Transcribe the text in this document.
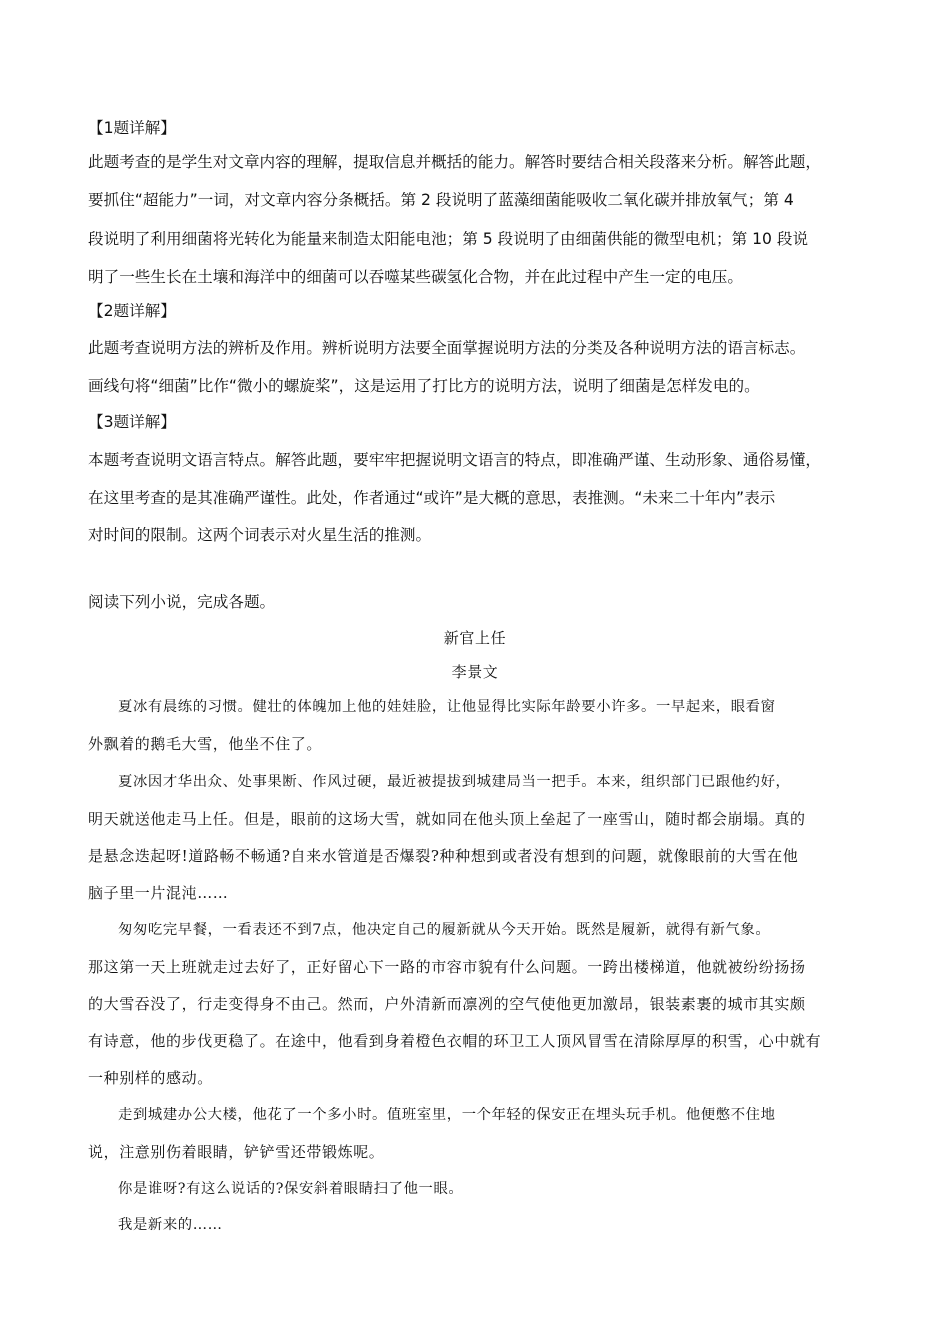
【1题详解】
此题考查的是学生对文章内容的理解，提取信息并概括的能力。解答时要结合相关段落来分析。解答此题，
要抓住“超能力”一词，对文章内容分条概括。第 2 段说明了蓝藻细菌能吸收二氧化碳并排放氧气；第 4
段说明了利用细菌将光转化为能量来制造太阳能电池；第 5 段说明了由细菌供能的微型电机；第 10 段说
明了一些生长在土壤和海洋中的细菌可以吞噬某些碳氢化合物，并在此过程中产生一定的电压。
【2题详解】
此题考查说明方法的辨析及作用。辨析说明方法要全面掌握说明方法的分类及各种说明方法的语言标志。
画线句将“细菌”比作“微小的螺旋桨”，这是运用了打比方的说明方法，说明了细菌是怎样发电的。
【3题详解】
本题考查说明文语言特点。解答此题，要牢牢把握说明文语言的特点，即准确严谨、生动形象、通俗易懂，
在这里考查的是其准确严谨性。此处，作者通过“或许”是大概的意思，表推测。“未来二十年内”表示
对时间的限制。这两个词表示对火星生活的推测。
阅读下列小说，完成各题。
新官上任
李景文
夏冰有晨练的习惯。健壮的体魄加上他的娃娃脸，让他显得比实际年龄要小许多。一早起来，眼看窗
外飘着的鹅毛大雪，他坐不住了。
夏冰因才华出众、处事果断、作风过硬，最近被提拔到城建局当一把手。本来，组织部门已跟他约好，
明天就送他走马上任。但是，眼前的这场大雪，就如同在他头顶上垒起了一座雪山，随时都会崩塌。真的
是悬念迭起呀!道路畅不畅通?自来水管道是否爆裂?种种想到或者没有想到的问题，就像眼前的大雪在他
脑子里一片混沌……
匆匆吃完早餐，一看表还不到7点，他决定自己的履新就从今天开始。既然是履新，就得有新气象。
那这第一天上班就走过去好了，正好留心下一路的市容市貌有什么问题。一跨出楼梯道，他就被纷纷扬扬
的大雪吞没了，行走变得身不由己。然而，户外清新而凛冽的空气使他更加激昂，银装素裹的城市其实颇
有诗意，他的步伐更稳了。在途中，他看到身着橙色衣帽的环卫工人顶风冒雪在清除厚厚的积雪，心中就有
一种别样的感动。
走到城建办公大楼，他花了一个多小时。值班室里，一个年轻的保安正在埋头玩手机。他便憋不住地
说，注意别伤着眼睛，铲铲雪还带锻炼呢。
你是谁呀?有这么说话的?保安斜着眼睛扫了他一眼。
我是新来的……
